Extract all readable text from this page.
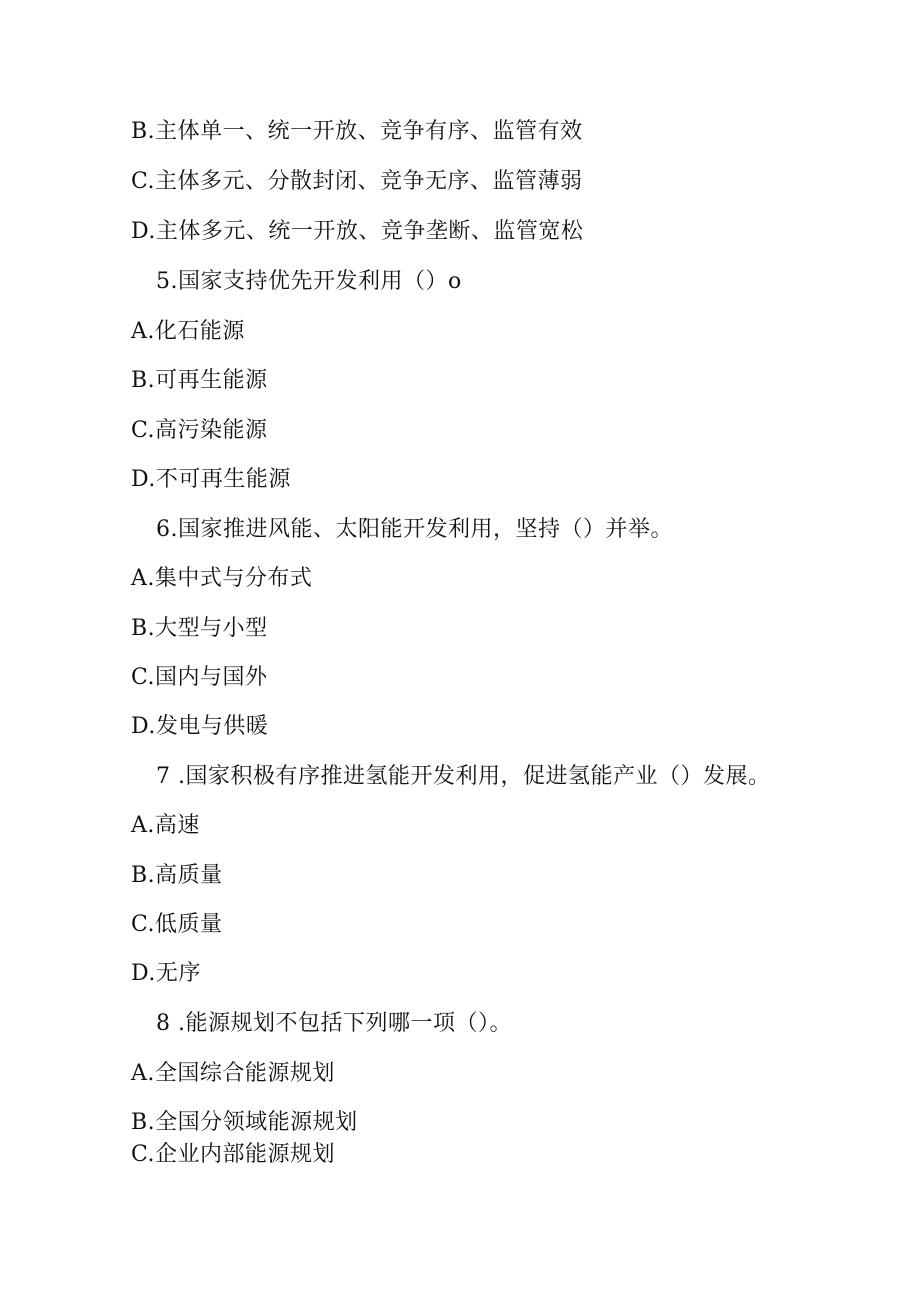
B.主体单一、统一开放、竞争有序、监管有效
C.主体多元、分散封闭、竞争无序、监管薄弱
D.主体多元、统一开放、竞争垄断、监管宽松
5.国家支持优先开发利用（）o
A.化石能源
B.可再生能源
C.高污染能源
D.不可再生能源
6.国家推进风能、太阳能开发利用，坚持（）并举。
A.集中式与分布式
B.大型与小型
C.国内与国外
D.发电与供暖
7 .国家积极有序推进氢能开发利用，促进氢能产业（）发展。
A.高速
B.高质量
C.低质量
D.无序
8 .能源规划不包括下列哪一项（）。
A.全国综合能源规划
B.全国分领域能源规划
C.企业内部能源规划
